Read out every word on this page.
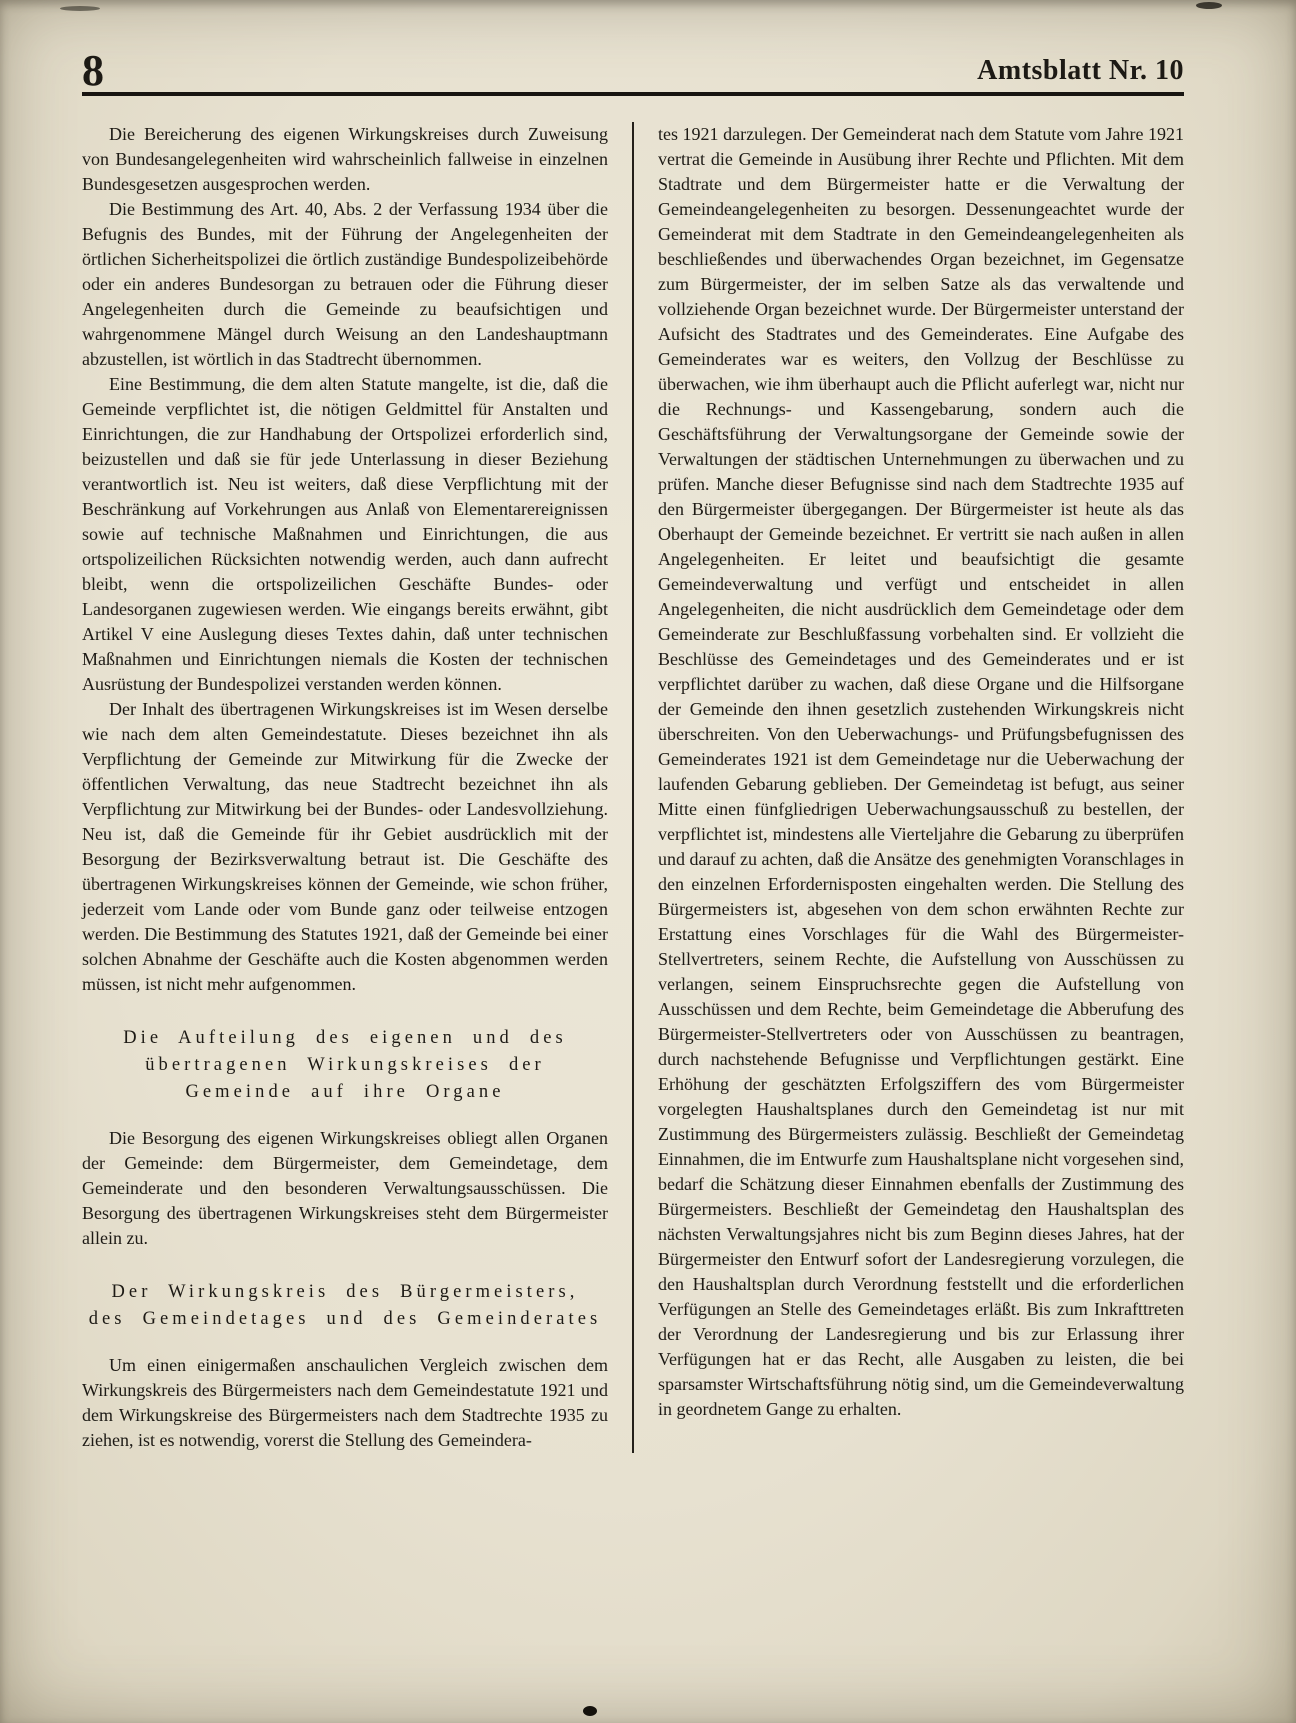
8	Amtsblatt Nr. 10

Die Bereicherung des eigenen Wirkungskreises durch Zuweisung von Bundesangelegenheiten wird wahrscheinlich fallweise in einzelnen Bundesgesetzen ausgesprochen werden.

Die Bestimmung des Art. 40, Abs. 2 der Verfassung 1934 über die Befugnis des Bundes, mit der Führung der Angelegenheiten der örtlichen Sicherheitspolizei die örtlich zuständige Bundespolizeibehörde oder ein anderes Bundesorgan zu betrauen oder die Führung dieser Angelegenheiten durch die Gemeinde zu beaufsichtigen und wahrgenommene Mängel durch Weisung an den Landeshauptmann abzustellen, ist wörtlich in das Stadtrecht übernommen.

Eine Bestimmung, die dem alten Statute mangelte, ist die, daß die Gemeinde verpflichtet ist, die nötigen Geldmittel für Anstalten und Einrichtungen, die zur Handhabung der Ortspolizei erforderlich sind, beizustellen und daß sie für jede Unterlassung in dieser Beziehung verantwortlich ist. Neu ist weiters, daß diese Verpflichtung mit der Beschränkung auf Vorkehrungen aus Anlaß von Elementarereignissen sowie auf technische Maßnahmen und Einrichtungen, die aus ortspolizeilichen Rücksichten notwendig werden, auch dann aufrecht bleibt, wenn die ortspolizeilichen Geschäfte Bundes- oder Landesorganen zugewiesen werden. Wie eingangs bereits erwähnt, gibt Artikel V eine Auslegung dieses Textes dahin, daß unter technischen Maßnahmen und Einrichtungen niemals die Kosten der technischen Ausrüstung der Bundespolizei verstanden werden können.

Der Inhalt des übertragenen Wirkungskreises ist im Wesen derselbe wie nach dem alten Gemeindestatute. Dieses bezeichnet ihn als Verpflichtung der Gemeinde zur Mitwirkung für die Zwecke der öffentlichen Verwaltung, das neue Stadtrecht bezeichnet ihn als Verpflichtung zur Mitwirkung bei der Bundes- oder Landesvollziehung. Neu ist, daß die Gemeinde für ihr Gebiet ausdrücklich mit der Besorgung der Bezirksverwaltung betraut ist. Die Geschäfte des übertragenen Wirkungskreises können der Gemeinde, wie schon früher, jederzeit vom Lande oder vom Bunde ganz oder teilweise entzogen werden. Die Bestimmung des Statutes 1921, daß der Gemeinde bei einer solchen Abnahme der Geschäfte auch die Kosten abgenommen werden müssen, ist nicht mehr aufgenommen.

Die Aufteilung des eigenen und des übertragenen Wirkungskreises der Gemeinde auf ihre Organe

Die Besorgung des eigenen Wirkungskreises obliegt allen Organen der Gemeinde: dem Bürgermeister, dem Gemeindetage, dem Gemeinderate und den besonderen Verwaltungsausschüssen. Die Besorgung des übertragenen Wirkungskreises steht dem Bürgermeister allein zu.

Der Wirkungskreis des Bürgermeisters, des Gemeindetages und des Gemeinderates

Um einen einigermaßen anschaulichen Vergleich zwischen dem Wirkungskreis des Bürgermeisters nach dem Gemeindestatute 1921 und dem Wirkungskreise des Bürgermeisters nach dem Stadtrechte 1935 zu ziehen, ist es notwendig, vorerst die Stellung des Gemeindera-

tes 1921 darzulegen. Der Gemeinderat nach dem Statute vom Jahre 1921 vertrat die Gemeinde in Ausübung ihrer Rechte und Pflichten. Mit dem Stadtrate und dem Bürgermeister hatte er die Verwaltung der Gemeindeangelegenheiten zu besorgen. Dessenungeachtet wurde der Gemeinderat mit dem Stadtrate in den Gemeindeangelegenheiten als beschließendes und überwachendes Organ bezeichnet, im Gegensatze zum Bürgermeister, der im selben Satze als das verwaltende und vollziehende Organ bezeichnet wurde. Der Bürgermeister unterstand der Aufsicht des Stadtrates und des Gemeinderates. Eine Aufgabe des Gemeinderates war es weiters, den Vollzug der Beschlüsse zu überwachen, wie ihm überhaupt auch die Pflicht auferlegt war, nicht nur die Rechnungs- und Kassengebarung, sondern auch die Geschäftsführung der Verwaltungsorgane der Gemeinde sowie der Verwaltungen der städtischen Unternehmungen zu überwachen und zu prüfen. Manche dieser Befugnisse sind nach dem Stadtrechte 1935 auf den Bürgermeister übergegangen. Der Bürgermeister ist heute als das Oberhaupt der Gemeinde bezeichnet. Er vertritt sie nach außen in allen Angelegenheiten. Er leitet und beaufsichtigt die gesamte Gemeindeverwaltung und verfügt und entscheidet in allen Angelegenheiten, die nicht ausdrücklich dem Gemeindetage oder dem Gemeinderate zur Beschlußfassung vorbehalten sind. Er vollzieht die Beschlüsse des Gemeindetages und des Gemeinderates und er ist verpflichtet darüber zu wachen, daß diese Organe und die Hilfsorgane der Gemeinde den ihnen gesetzlich zustehenden Wirkungskreis nicht überschreiten. Von den Ueberwachungs- und Prüfungsbefugnissen des Gemeinderates 1921 ist dem Gemeindetage nur die Ueberwachung der laufenden Gebarung geblieben. Der Gemeindetag ist befugt, aus seiner Mitte einen fünfgliedrigen Ueberwachungsausschuß zu bestellen, der verpflichtet ist, mindestens alle Vierteljahre die Gebarung zu überprüfen und darauf zu achten, daß die Ansätze des genehmigten Voranschlages in den einzelnen Erfordernisposten eingehalten werden. Die Stellung des Bürgermeisters ist, abgesehen von dem schon erwähnten Rechte zur Erstattung eines Vorschlages für die Wahl des Bürgermeister-Stellvertreters, seinem Rechte, die Aufstellung von Ausschüssen zu verlangen, seinem Einspruchsrechte gegen die Aufstellung von Ausschüssen und dem Rechte, beim Gemeindetage die Abberufung des Bürgermeister-Stellvertreters oder von Ausschüssen zu beantragen, durch nachstehende Befugnisse und Verpflichtungen gestärkt. Eine Erhöhung der geschätzten Erfolgsziffern des vom Bürgermeister vorgelegten Haushaltsplanes durch den Gemeindetag ist nur mit Zustimmung des Bürgermeisters zulässig. Beschließt der Gemeindetag Einnahmen, die im Entwurfe zum Haushaltsplane nicht vorgesehen sind, bedarf die Schätzung dieser Einnahmen ebenfalls der Zustimmung des Bürgermeisters. Beschließt der Gemeindetag den Haushaltsplan des nächsten Verwaltungsjahres nicht bis zum Beginn dieses Jahres, hat der Bürgermeister den Entwurf sofort der Landesregierung vorzulegen, die den Haushaltsplan durch Verordnung feststellt und die erforderlichen Verfügungen an Stelle des Gemeindetages erläßt. Bis zum Inkrafttreten der Verordnung der Landesregierung und bis zur Erlassung ihrer Verfügungen hat er das Recht, alle Ausgaben zu leisten, die bei sparsamster Wirtschaftsführung nötig sind, um die Gemeindeverwaltung in geordnetem Gange zu erhalten.
